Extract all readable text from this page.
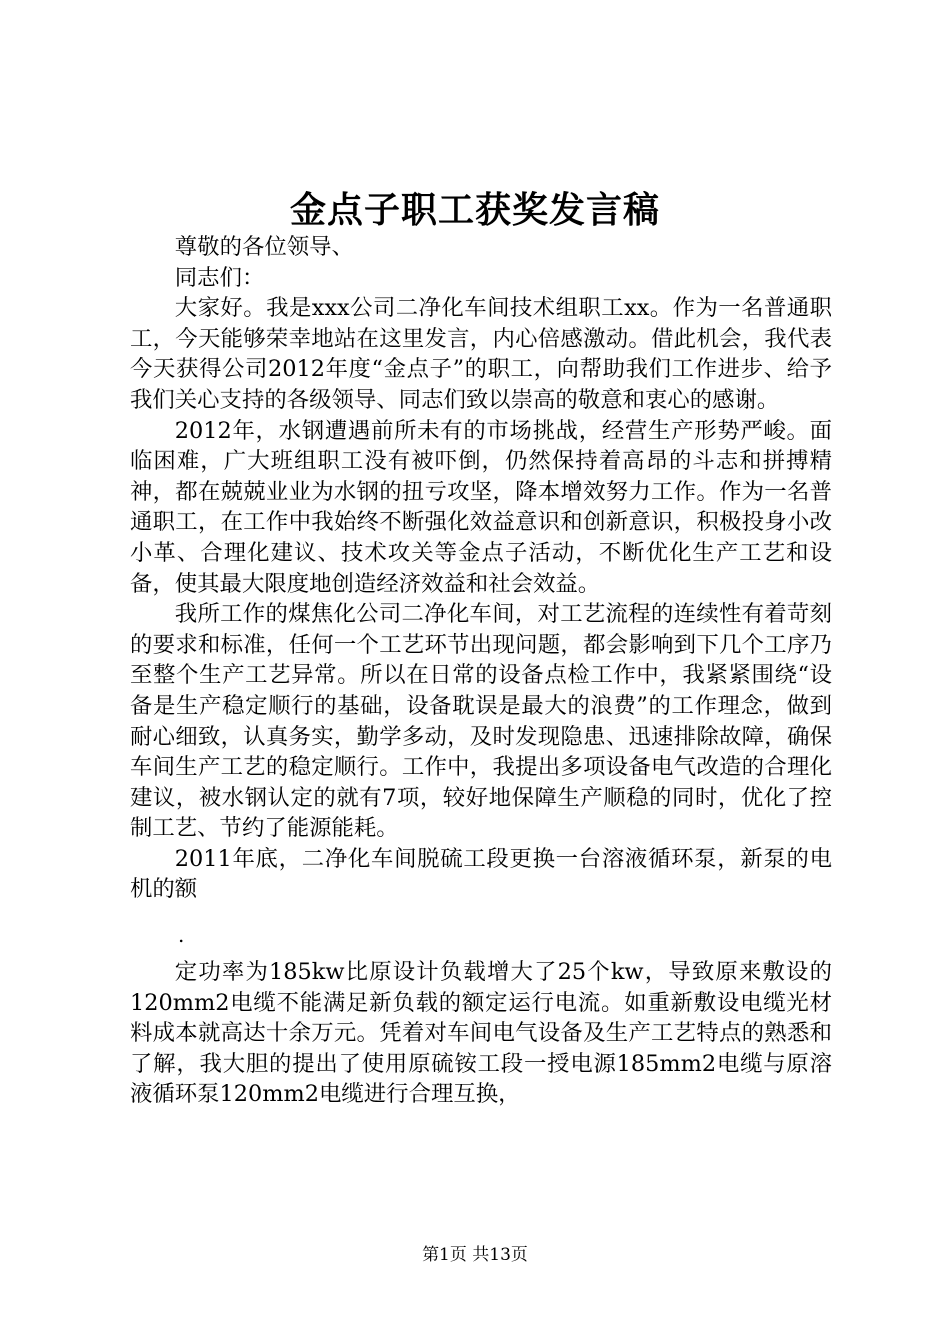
金点子职工获奖发言稿
尊敬的各位领导、
同志们：

大家好。我是xxx公司二净化车间技术组职工xx。作为一名普通职工，今天能够荣幸地站在这里发言，内心倍感激动。借此机会，我代表今天获得公司2012年度“金点子”的职工，向帮助我们工作进步、给予我们关心支持的各级领导、同志们致以崇高的敬意和衷心的感谢。

2012年，水钢遭遇前所未有的市场挑战，经营生产形势严峻。面临困难，广大班组职工没有被吓倒，仍然保持着高昂的斗志和拼搏精神，都在兢兢业业为水钢的扭亏攻坚，降本增效努力工作。作为一名普通职工，在工作中我始终不断强化效益意识和创新意识，积极投身小改小革、合理化建议、技术攻关等金点子活动，不断优化生产工艺和设备，使其最大限度地创造经济效益和社会效益。

我所工作的煤焦化公司二净化车间，对工艺流程的连续性有着苛刻的要求和标准，任何一个工艺环节出现问题，都会影响到下几个工序乃至整个生产工艺异常。所以在日常的设备点检工作中，我紧紧围绕“设备是生产稳定顺行的基础，设备耽误是最大的浪费”的工作理念，做到耐心细致，认真务实，勤学多动，及时发现隐患、迅速排除故障，确保车间生产工艺的稳定顺行。工作中，我提出多项设备电气改造的合理化建议，被水钢认定的就有7项，较好地保障生产顺稳的同时，优化了控制工艺、节约了能源能耗。

2011年底，二净化车间脱硫工段更换一台溶液循环泵，新泵的电机的额

.

定功率为185kw比原设计负载增大了25个kw，导致原来敷设的120mm2电缆不能满足新负载的额定运行电流。如重新敷设电缆光材料成本就高达十余万元。凭着对车间电气设备及生产工艺特点的熟悉和了解，我大胆的提出了使用原硫铵工段一授电源185mm2电缆与原溶液循环泵120mm2电缆进行合理互换，

第1页 共13页
